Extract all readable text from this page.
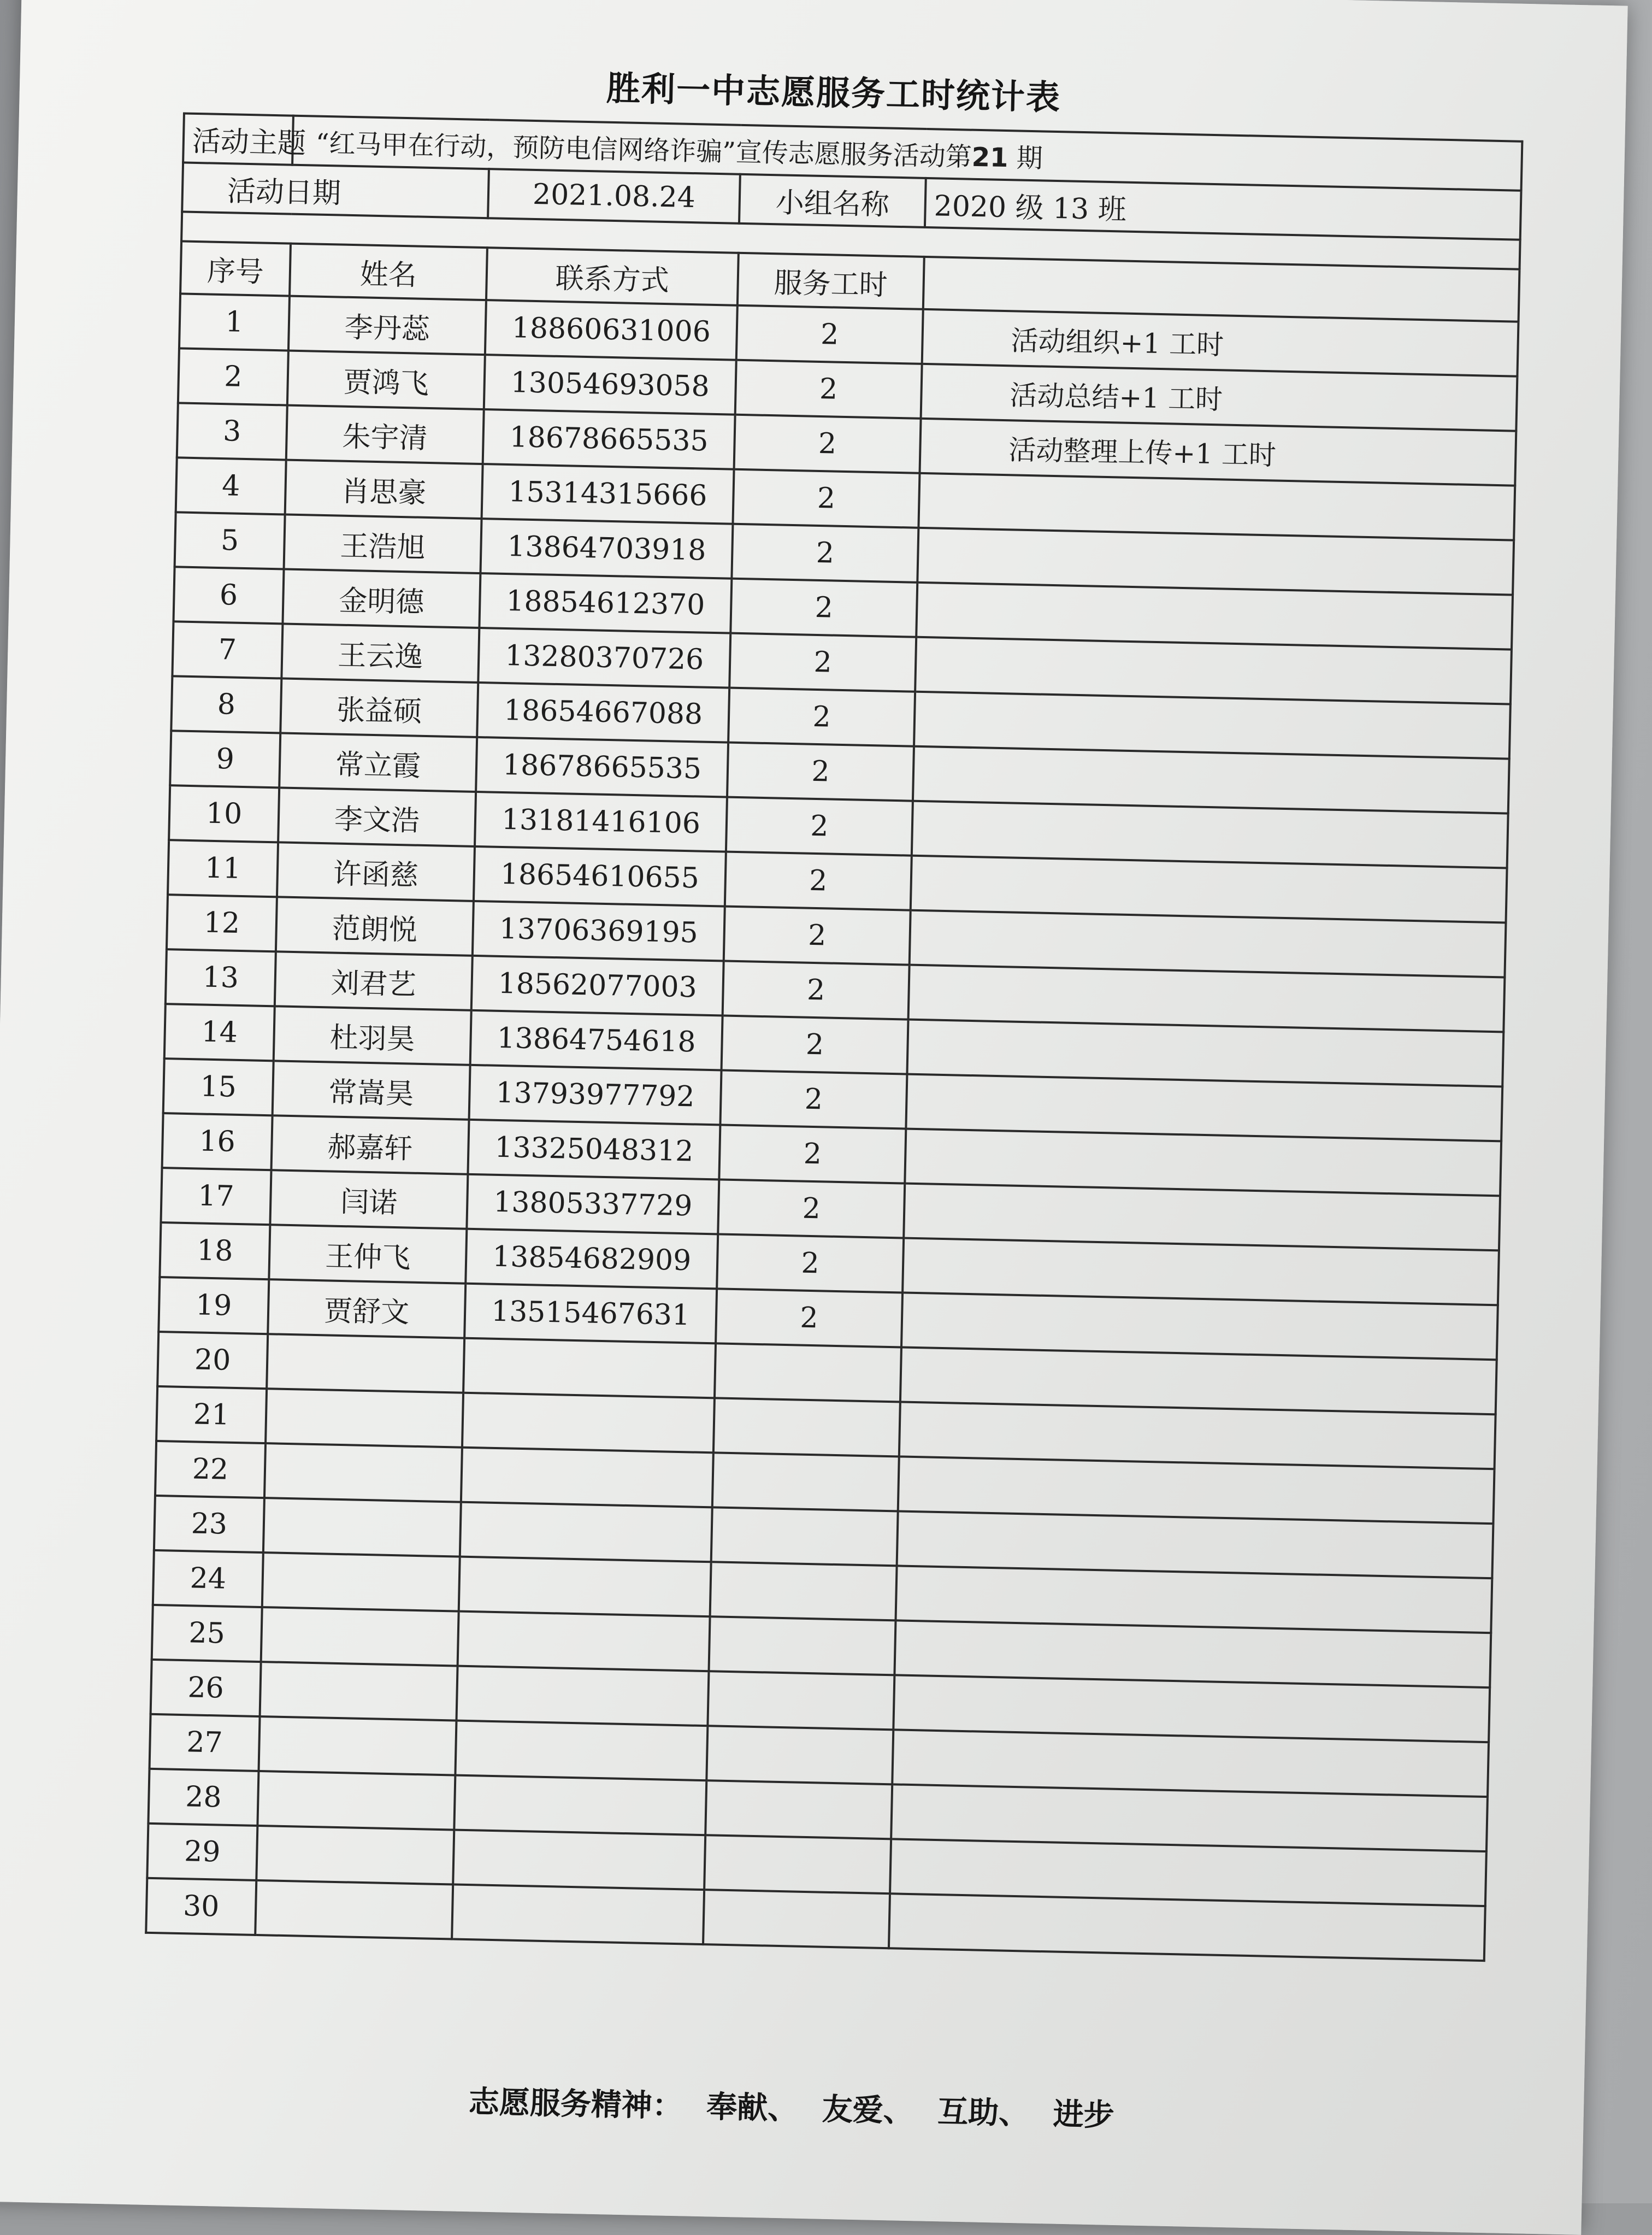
胜利一中志愿服务工时统计表
活动主题	“红马甲在行动，预防电信网络诈骗”宣传志愿服务活动第21 期			
活动日期		2021.08.24	小组名称	2020 级 13 班

序号	姓名	联系方式	服务工时	
1	李丹蕊	18860631006	2	活动组织+1 工时
2	贾鸿飞	13054693058	2	活动总结+1 工时
3	朱宇清	18678665535	2	活动整理上传+1 工时
4	肖思豪	15314315666	2	
5	王浩旭	13864703918	2	
6	金明德	18854612370	2	
7	王云逸	13280370726	2	
8	张益硕	18654667088	2	
9	常立霞	18678665535	2	
10	李文浩	13181416106	2	
11	许函慈	18654610655	2	
12	范朗悦	13706369195	2	
13	刘君艺	18562077003	2	
14	杜羽昊	13864754618	2	
15	常嵩昊	13793977792	2	
16	郝嘉轩	13325048312	2	
17	闫诺	13805337729	2	
18	王仲飞	13854682909	2	
19	贾舒文	13515467631	2	
20				
21				
22				
23				
24				
25				
26				
27				
28				
29				
30				
志愿服务精神： 奉献、 友爱、 互助、 进步
